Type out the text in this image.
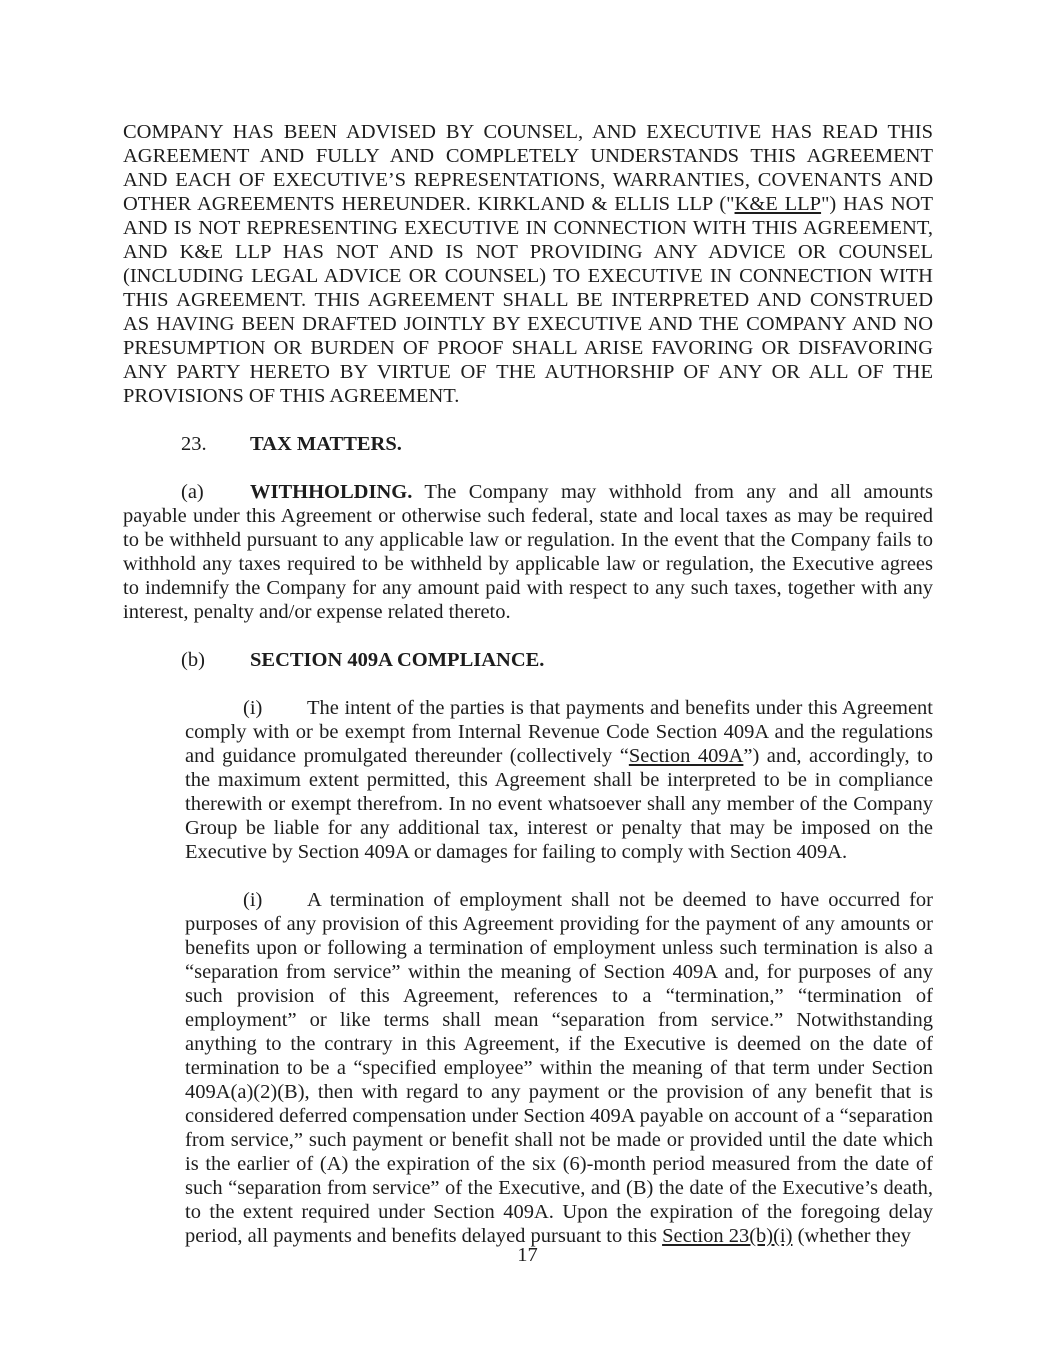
COMPANY HAS BEEN ADVISED BY COUNSEL, AND EXECUTIVE HAS READ THIS AGREEMENT AND FULLY AND COMPLETELY UNDERSTANDS THIS AGREEMENT AND EACH OF EXECUTIVE’S REPRESENTATIONS, WARRANTIES, COVENANTS AND OTHER AGREEMENTS HEREUNDER. KIRKLAND & ELLIS LLP ("K&E LLP") HAS NOT AND IS NOT REPRESENTING EXECUTIVE IN CONNECTION WITH THIS AGREEMENT, AND K&E LLP HAS NOT AND IS NOT PROVIDING ANY ADVICE OR COUNSEL (INCLUDING LEGAL ADVICE OR COUNSEL) TO EXECUTIVE IN CONNECTION WITH THIS AGREEMENT. THIS AGREEMENT SHALL BE INTERPRETED AND CONSTRUED AS HAVING BEEN DRAFTED JOINTLY BY EXECUTIVE AND THE COMPANY AND NO PRESUMPTION OR BURDEN OF PROOF SHALL ARISE FAVORING OR DISFAVORING ANY PARTY HERETO BY VIRTUE OF THE AUTHORSHIP OF ANY OR ALL OF THE PROVISIONS OF THIS AGREEMENT.

23. TAX MATTERS.

(a) WITHHOLDING. The Company may withhold from any and all amounts payable under this Agreement or otherwise such federal, state and local taxes as may be required to be withheld pursuant to any applicable law or regulation. In the event that the Company fails to withhold any taxes required to be withheld by applicable law or regulation, the Executive agrees to indemnify the Company for any amount paid with respect to any such taxes, together with any interest, penalty and/or expense related thereto.

(b) SECTION 409A COMPLIANCE.

(i) The intent of the parties is that payments and benefits under this Agreement comply with or be exempt from Internal Revenue Code Section 409A and the regulations and guidance promulgated thereunder (collectively “Section 409A”) and, accordingly, to the maximum extent permitted, this Agreement shall be interpreted to be in compliance therewith or exempt therefrom. In no event whatsoever shall any member of the Company Group be liable for any additional tax, interest or penalty that may be imposed on the Executive by Section 409A or damages for failing to comply with Section 409A.

(i) A termination of employment shall not be deemed to have occurred for purposes of any provision of this Agreement providing for the payment of any amounts or benefits upon or following a termination of employment unless such termination is also a “separation from service” within the meaning of Section 409A and, for purposes of any such provision of this Agreement, references to a “termination,” “termination of employment” or like terms shall mean “separation from service.” Notwithstanding anything to the contrary in this Agreement, if the Executive is deemed on the date of termination to be a “specified employee” within the meaning of that term under Section 409A(a)(2)(B), then with regard to any payment or the provision of any benefit that is considered deferred compensation under Section 409A payable on account of a “separation from service,” such payment or benefit shall not be made or provided until the date which is the earlier of (A) the expiration of the six (6)-month period measured from the date of such “separation from service” of the Executive, and (B) the date of the Executive’s death, to the extent required under Section 409A. Upon the expiration of the foregoing delay period, all payments and benefits delayed pursuant to this Section 23(b)(i) (whether they

17
